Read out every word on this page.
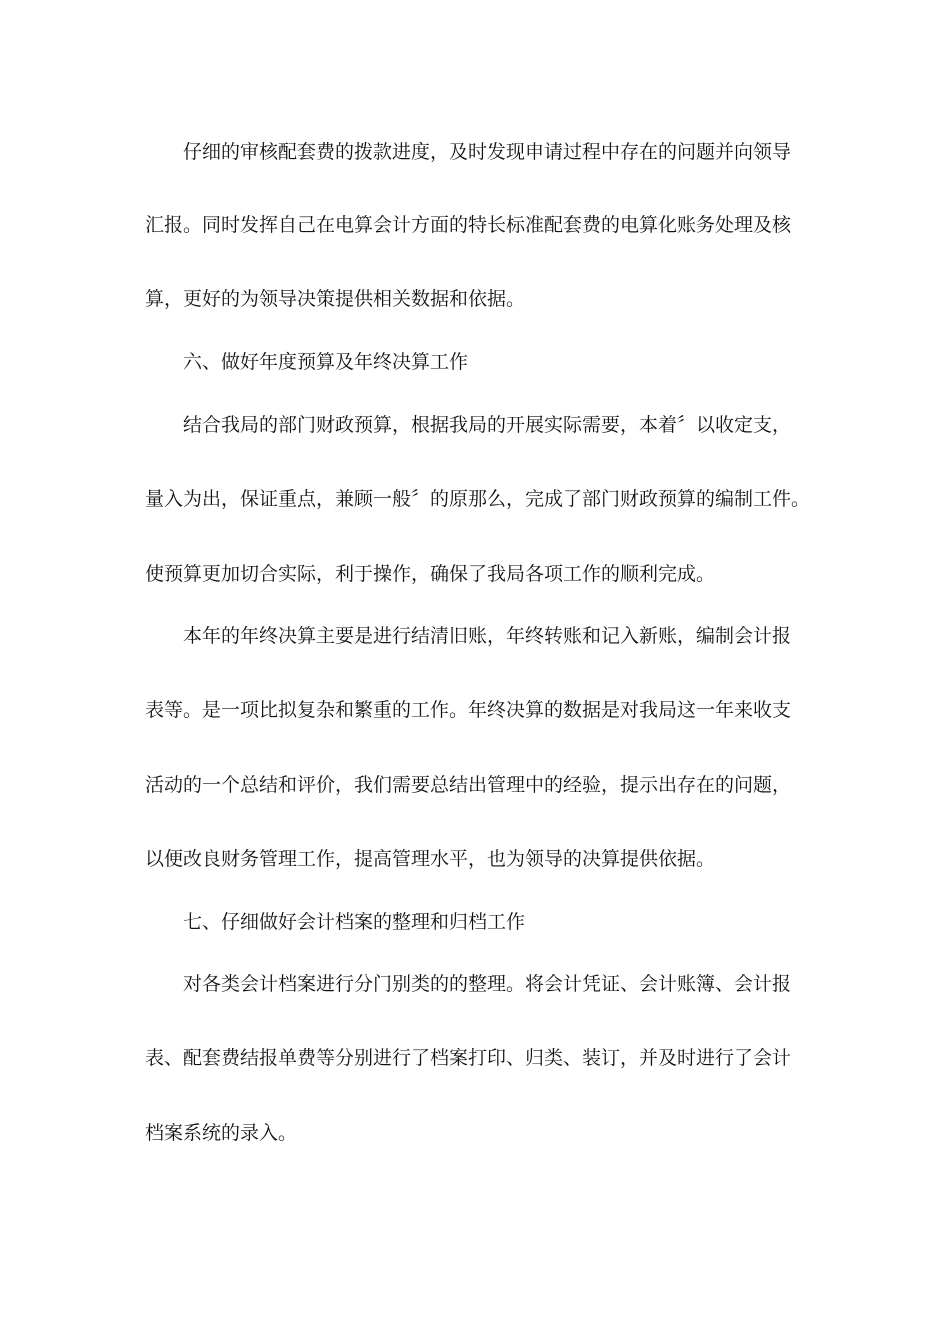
仔细的审核配套费的拨款进度，及时发现申请过程中存在的问题并向领导
汇报。同时发挥自己在电算会计方面的特长标准配套费的电算化账务处理及核
算，更好的为领导决策提供相关数据和依据。
六、做好年度预算及年终决算工作
结合我局的部门财政预算，根据我局的开展实际需要，本着〞以收定支，
量入为出，保证重点，兼顾一般〞的原那么，完成了部门财政预算的编制工件。
使预算更加切合实际，利于操作，确保了我局各项工作的顺利完成。
本年的年终决算主要是进行结清旧账，年终转账和记入新账，编制会计报
表等。是一项比拟复杂和繁重的工作。年终决算的数据是对我局这一年来收支
活动的一个总结和评价，我们需要总结出管理中的经验，提示出存在的问题，
以便改良财务管理工作，提高管理水平，也为领导的决算提供依据。
七、仔细做好会计档案的整理和归档工作
对各类会计档案进行分门别类的的整理。将会计凭证、会计账簿、会计报
表、配套费结报单费等分别进行了档案打印、归类、装订，并及时进行了会计
档案系统的录入。
